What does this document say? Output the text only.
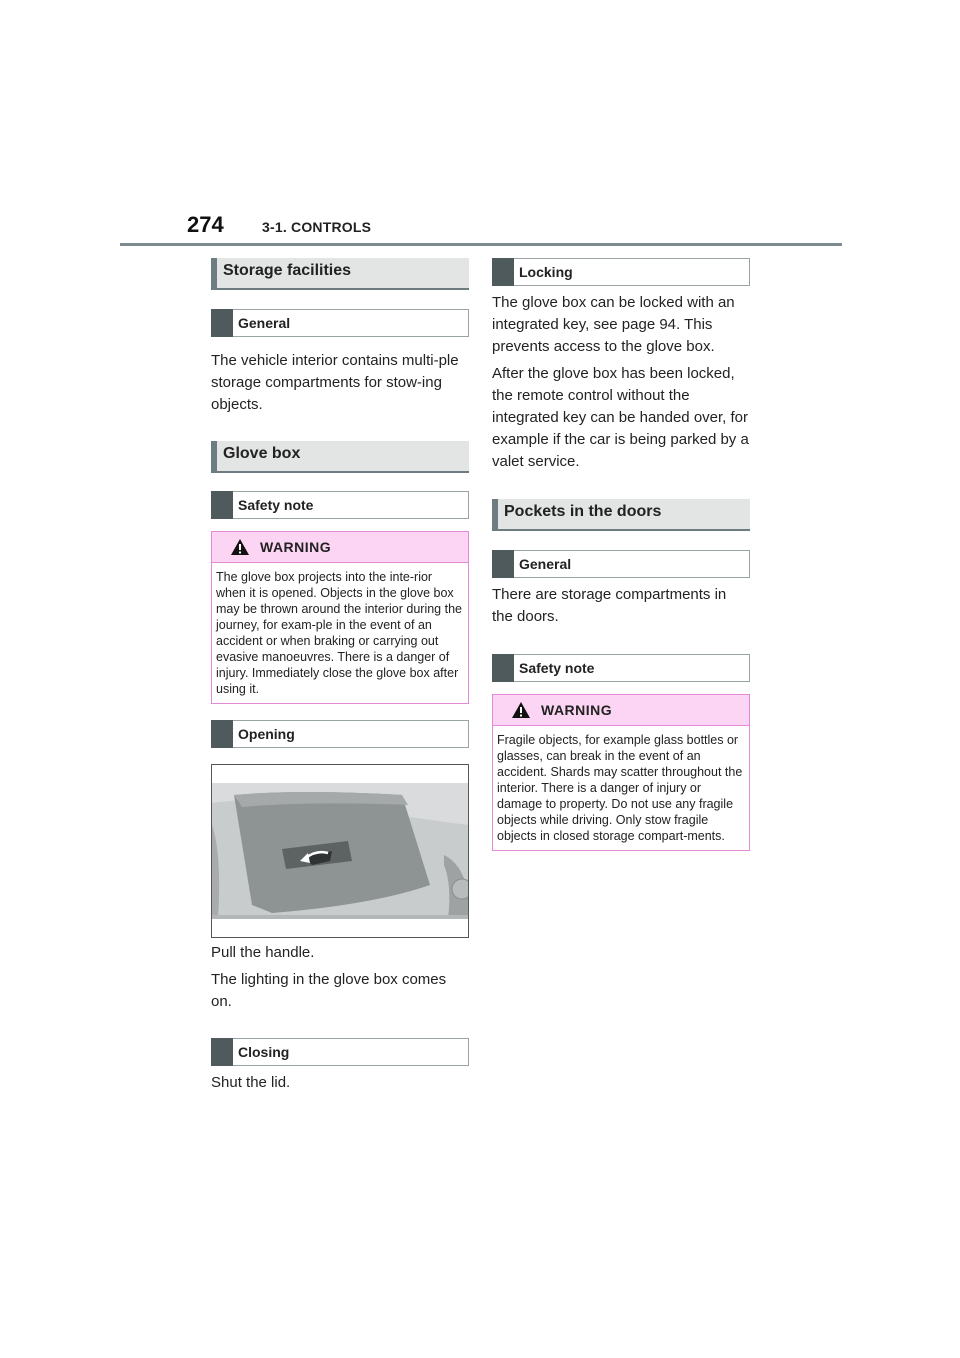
274	3-1. CONTROLS
Storage facilities
General

The vehicle interior contains multi-ple storage compartments for stow-ing objects.

Glove box
Safety note
WARNING
The glove box projects into the inte-rior when it is opened. Objects in the glove box may be thrown around the interior during the journey, for exam-ple in the event of an accident or when braking or carrying out evasive manoeuvres. There is a danger of injury. Immediately close the glove box after using it.
Opening

Pull the handle.

The lighting in the glove box comes on.

Closing

Shut the lid.

Locking

The glove box can be locked with an integrated key, see page 94. This prevents access to the glove box.

After the glove box has been locked, the remote control without the integrated key can be handed over, for example if the car is being parked by a valet service.

Pockets in the doors
General

There are storage compartments in the doors.

Safety note
WARNING
Fragile objects, for example glass bottles or glasses, can break in the event of an accident. Shards may scatter throughout the interior. There is a danger of injury or damage to property. Do not use any fragile objects while driving. Only stow fragile objects in closed storage compart-ments.
